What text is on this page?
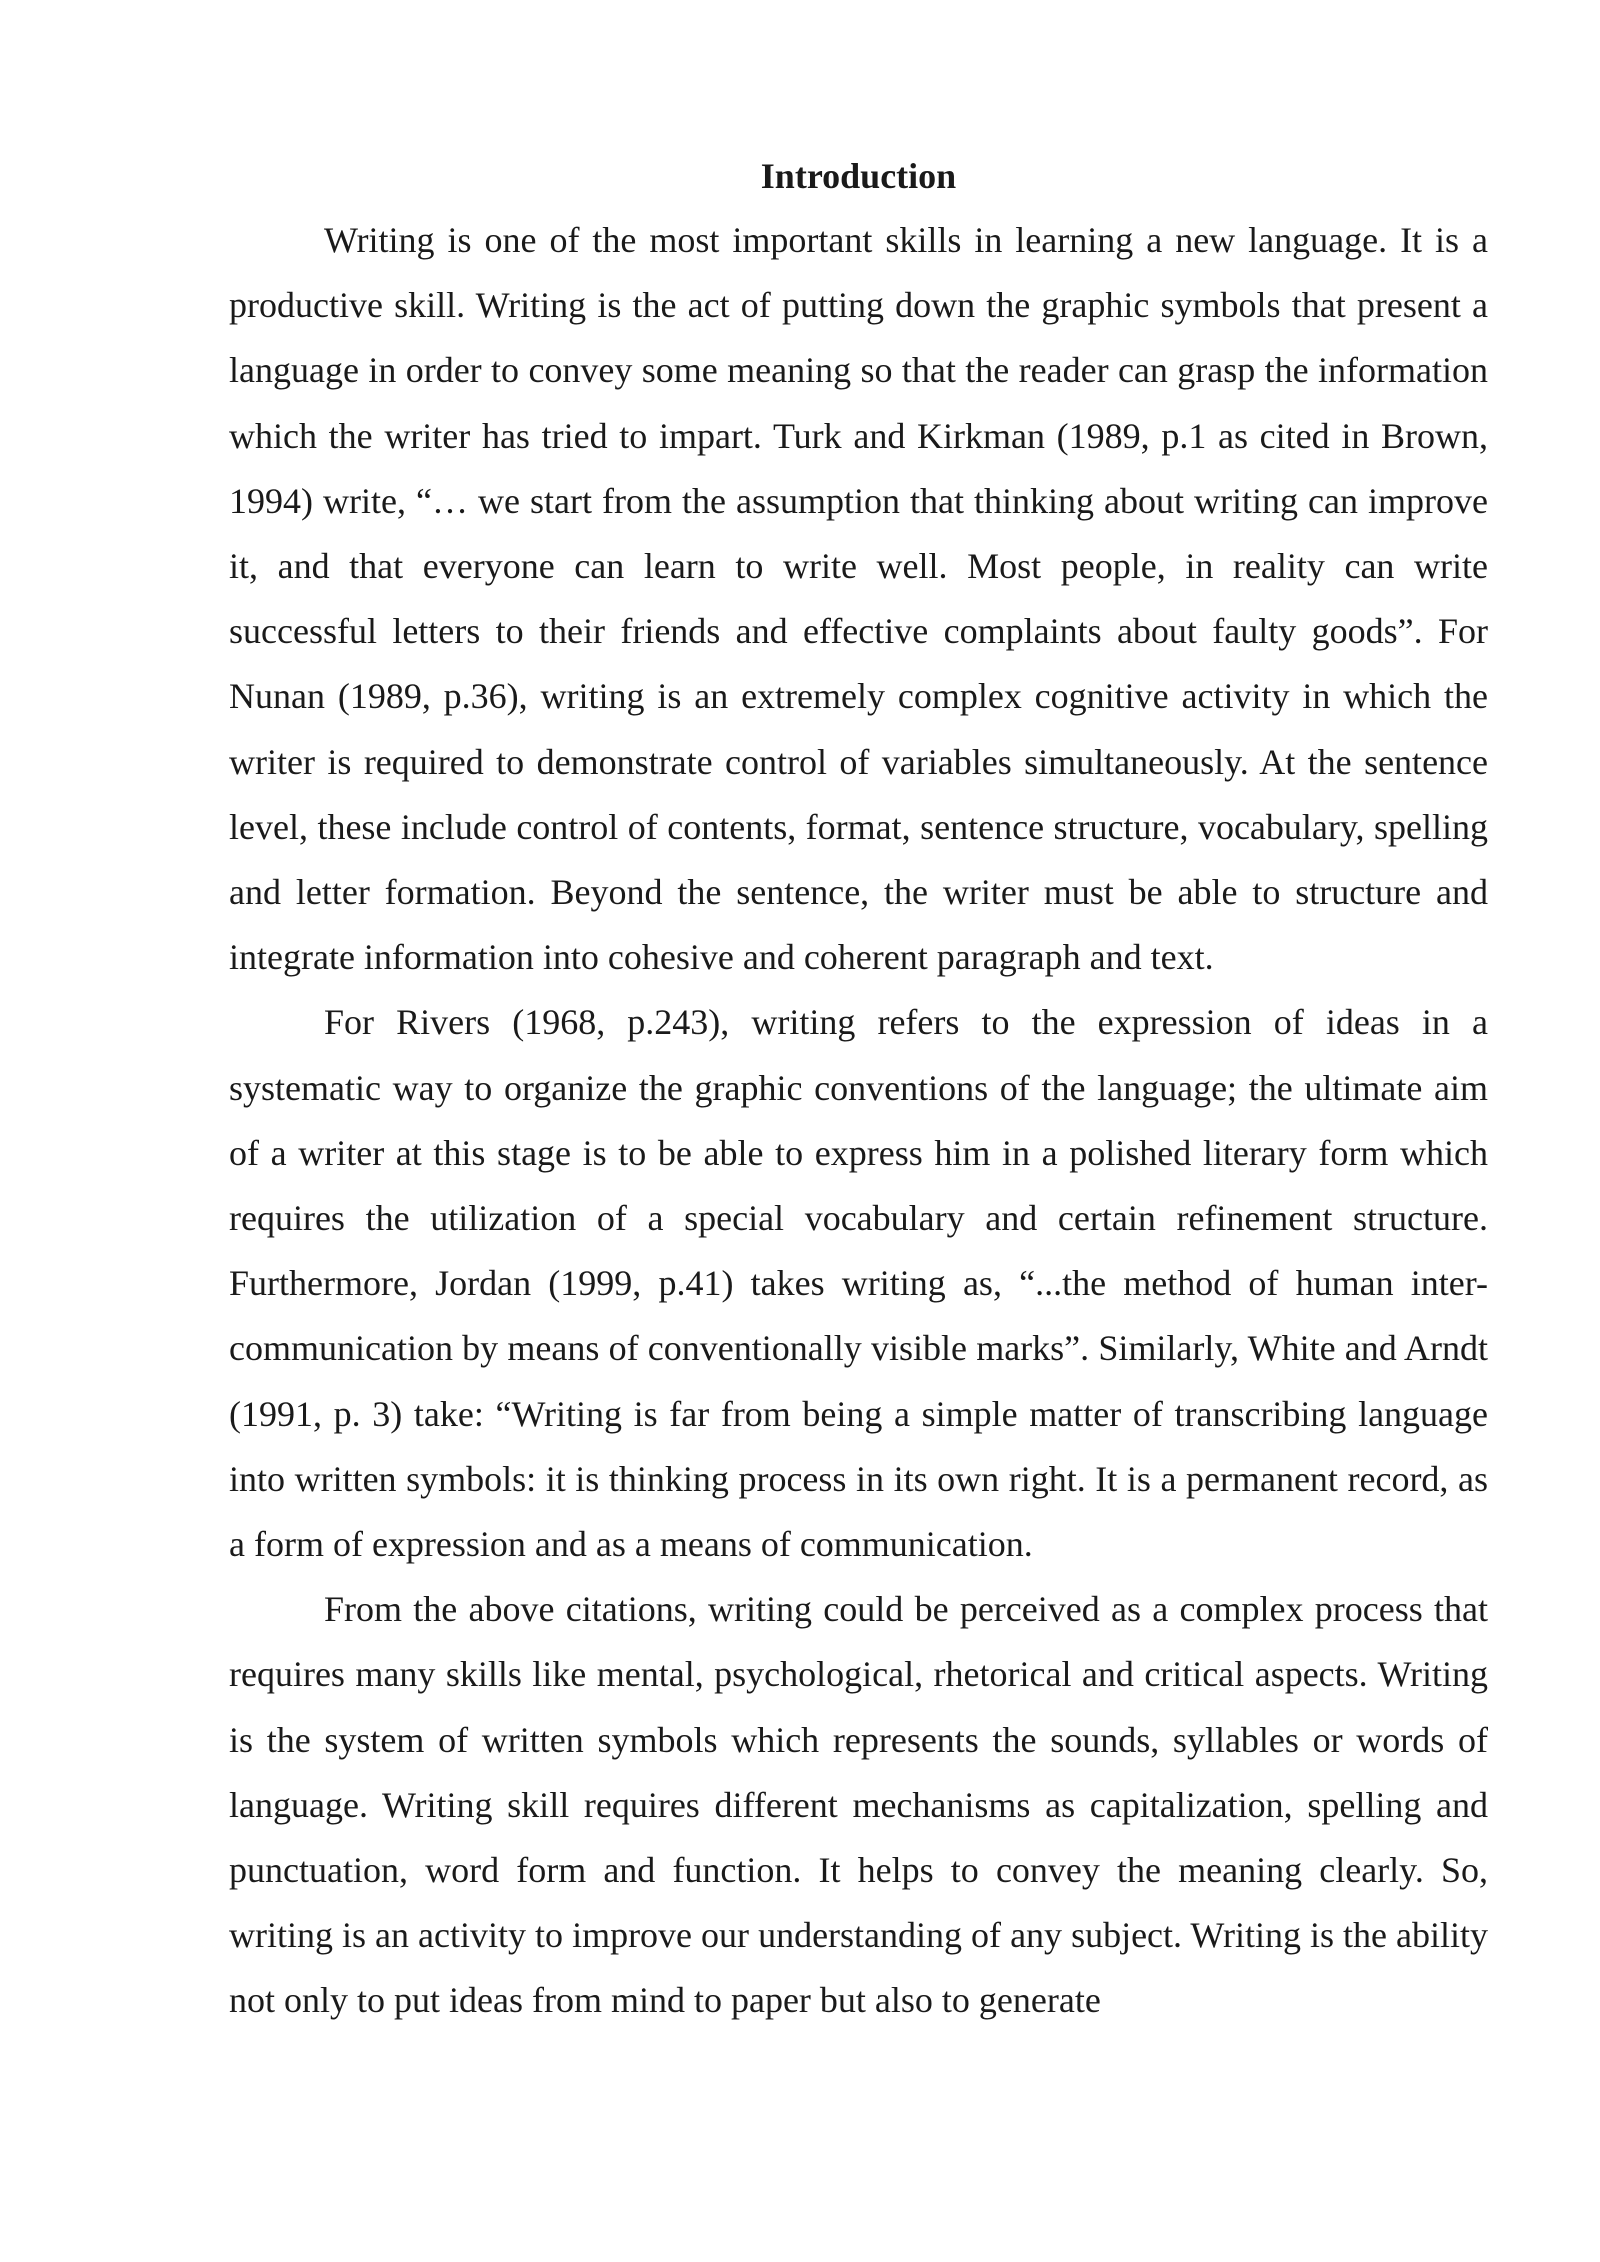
Introduction

Writing is one of the most important skills in learning a new language. It is a productive skill. Writing is the act of putting down the graphic symbols that present a language in order to convey some meaning so that the reader can grasp the information which the writer has tried to impart. Turk and Kirkman (1989, p.1 as cited in Brown, 1994) write, “… we start from the assumption that thinking about writing can improve it, and that everyone can learn to write well. Most people, in reality can write successful letters to their friends and effective complaints about faulty goods”. For Nunan (1989, p.36), writing is an extremely complex cognitive activity in which the writer is required to demonstrate control of variables simultaneously. At the sentence level, these include control of contents, format, sentence structure, vocabulary, spelling and letter formation. Beyond the sentence, the writer must be able to structure and integrate information into cohesive and coherent paragraph and text.

For Rivers (1968, p.243), writing refers to the expression of ideas in a systematic way to organize the graphic conventions of the language; the ultimate aim of a writer at this stage is to be able to express him in a polished literary form which requires the utilization of a special vocabulary and certain refinement structure. Furthermore, Jordan (1999, p.41) takes writing as, “...the method of human inter-communication by means of conventionally visible marks”. Similarly, White and Arndt (1991, p. 3) take: “Writing is far from being a simple matter of transcribing language into written symbols: it is thinking process in its own right. It is a permanent record, as a form of expression and as a means of communication.

From the above citations, writing could be perceived as a complex process that requires many skills like mental, psychological, rhetorical and critical aspects. Writing is the system of written symbols which represents the sounds, syllables or words of language. Writing skill requires different mechanisms as capitalization, spelling and punctuation, word form and function. It helps to convey the meaning clearly. So, writing is an activity to improve our understanding of any subject. Writing is the ability not only to put ideas from mind to paper but also to generate
